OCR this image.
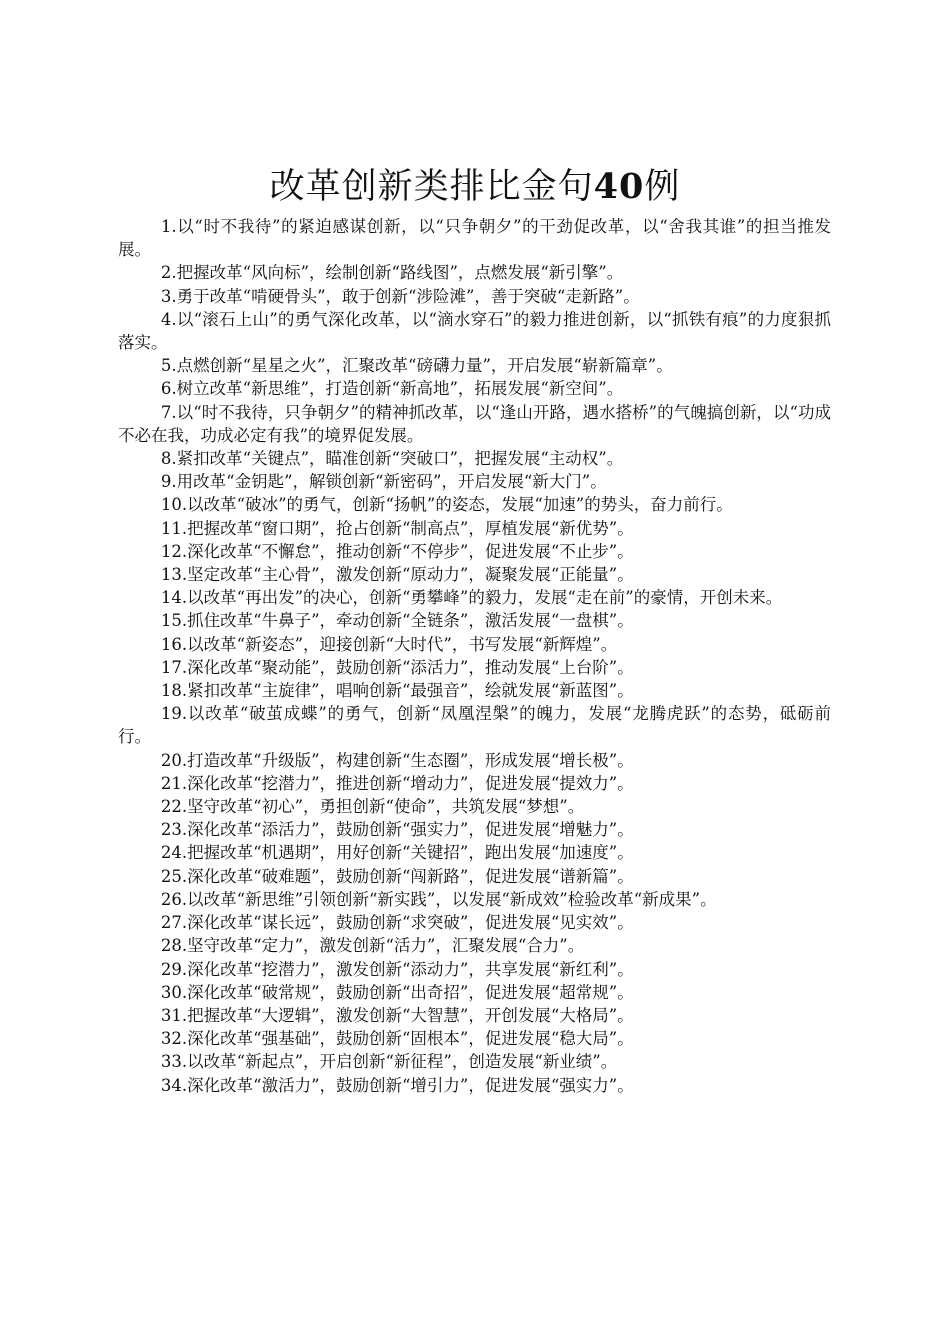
改革创新类排比金句40例

1.以“时不我待”的紧迫感谋创新，以“只争朝夕”的干劲促改革，以“舍我其谁”的担当推发展。

2.把握改革“风向标”，绘制创新“路线图”，点燃发展“新引擎”。

3.勇于改革“啃硬骨头”，敢于创新“涉险滩”，善于突破“走新路”。

4.以“滚石上山”的勇气深化改革，以“滴水穿石”的毅力推进创新，以“抓铁有痕”的力度狠抓落实。

5.点燃创新“星星之火”，汇聚改革“磅礴力量”，开启发展“崭新篇章”。

6.树立改革“新思维”，打造创新“新高地”，拓展发展“新空间”。

7.以“时不我待，只争朝夕”的精神抓改革，以“逢山开路，遇水搭桥”的气魄搞创新，以“功成不必在我，功成必定有我”的境界促发展。

8.紧扣改革“关键点”，瞄准创新“突破口”，把握发展“主动权”。

9.用改革“金钥匙”，解锁创新“新密码”，开启发展“新大门”。

10.以改革“破冰”的勇气，创新“扬帆”的姿态，发展“加速”的势头，奋力前行。

11.把握改革“窗口期”，抢占创新“制高点”，厚植发展“新优势”。

12.深化改革“不懈怠”，推动创新“不停步”，促进发展“不止步”。

13.坚定改革“主心骨”，激发创新“原动力”，凝聚发展“正能量”。

14.以改革“再出发”的决心，创新“勇攀峰”的毅力，发展“走在前”的豪情，开创未来。

15.抓住改革“牛鼻子”，牵动创新“全链条”，激活发展“一盘棋”。

16.以改革“新姿态”，迎接创新“大时代”，书写发展“新辉煌”。

17.深化改革“聚动能”，鼓励创新“添活力”，推动发展“上台阶”。

18.紧扣改革“主旋律”，唱响创新“最强音”，绘就发展“新蓝图”。

19.以改革“破茧成蝶”的勇气，创新“凤凰涅槃”的魄力，发展“龙腾虎跃”的态势，砥砺前行。

20.打造改革“升级版”，构建创新“生态圈”，形成发展“增长极”。

21.深化改革“挖潜力”，推进创新“增动力”，促进发展“提效力”。

22.坚守改革“初心”，勇担创新“使命”，共筑发展“梦想”。

23.深化改革“添活力”，鼓励创新“强实力”，促进发展“增魅力”。

24.把握改革“机遇期”，用好创新“关键招”，跑出发展“加速度”。

25.深化改革“破难题”，鼓励创新“闯新路”，促进发展“谱新篇”。

26.以改革“新思维”引领创新“新实践”，以发展“新成效”检验改革“新成果”。

27.深化改革“谋长远”，鼓励创新“求突破”，促进发展“见实效”。

28.坚守改革“定力”，激发创新“活力”，汇聚发展“合力”。

29.深化改革“挖潜力”，激发创新“添动力”，共享发展“新红利”。

30.深化改革“破常规”，鼓励创新“出奇招”，促进发展“超常规”。

31.把握改革“大逻辑”，激发创新“大智慧”，开创发展“大格局”。

32.深化改革“强基础”，鼓励创新“固根本”，促进发展“稳大局”。

33.以改革“新起点”，开启创新“新征程”，创造发展“新业绩”。

34.深化改革“激活力”，鼓励创新“增引力”，促进发展“强实力”。
